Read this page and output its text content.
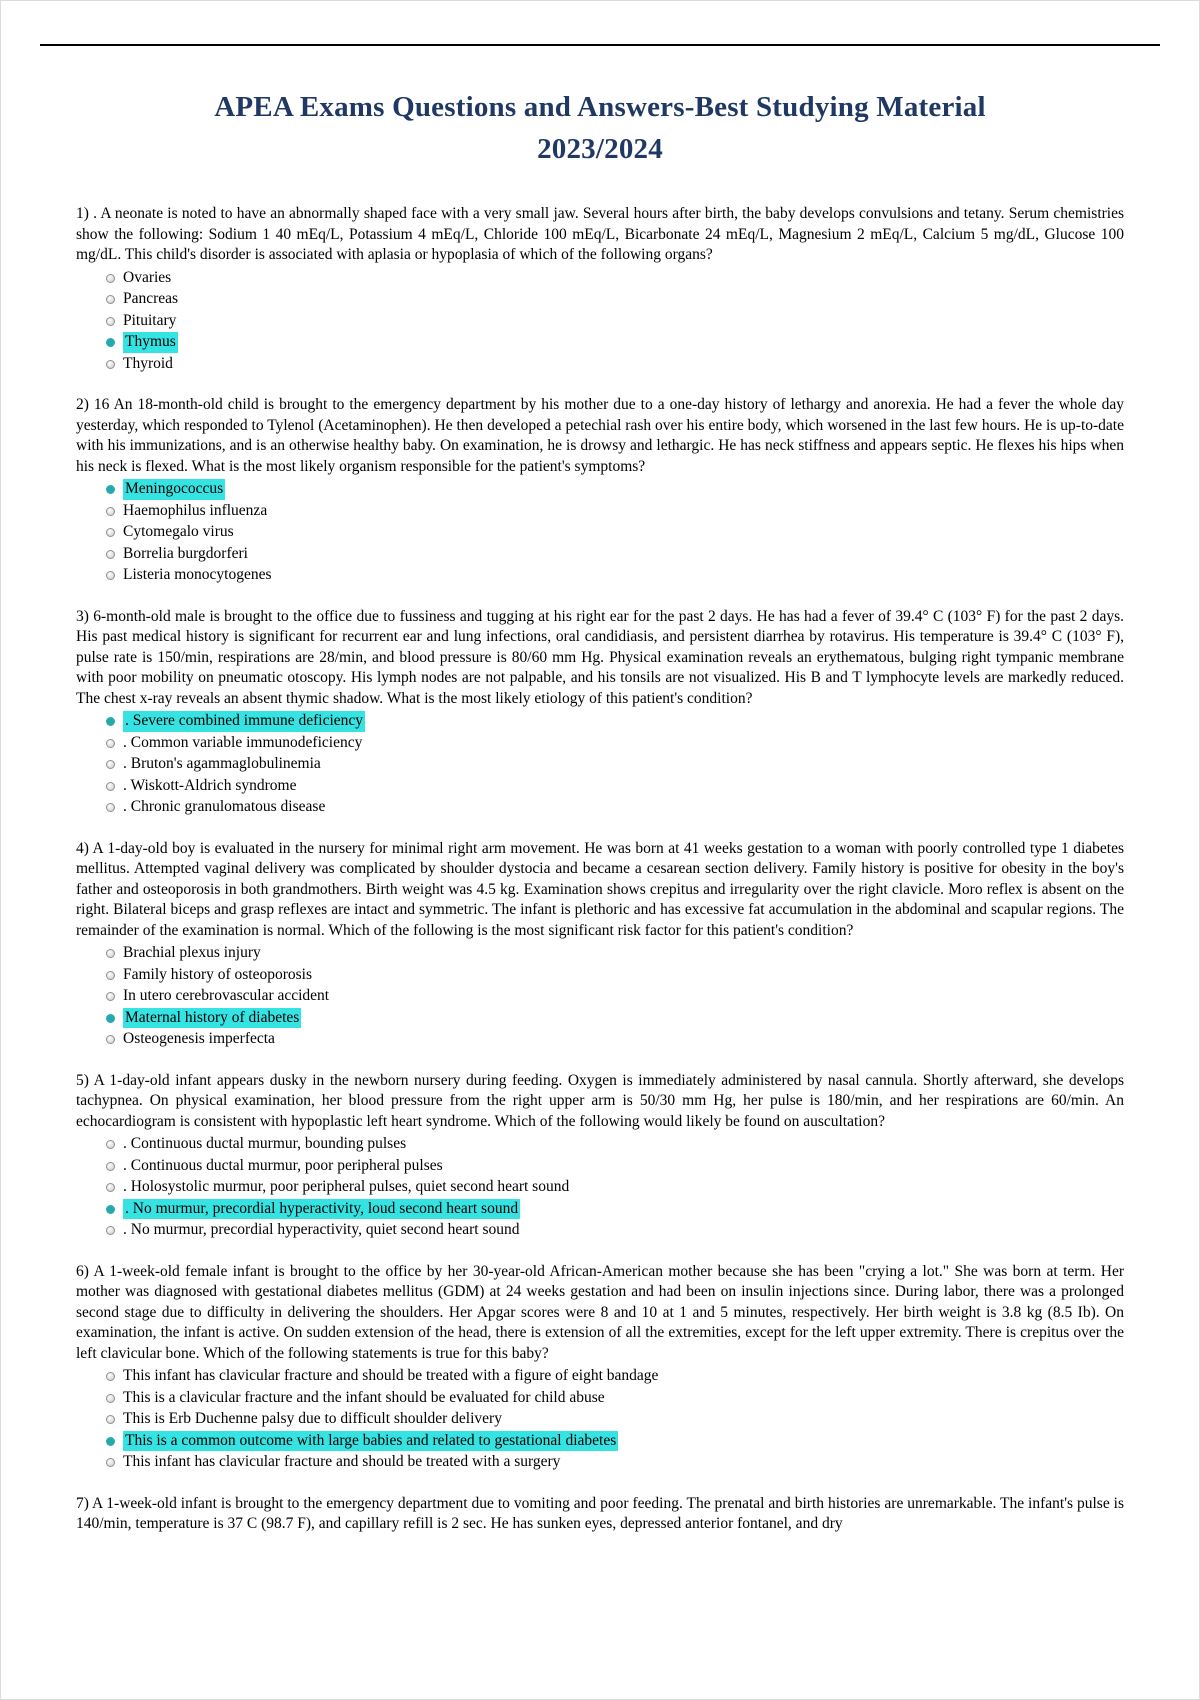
APEA Exams Questions and Answers-Best Studying Material
2023/2024

1) . A neonate is noted to have an abnormally shaped face with a very small jaw. Several hours after birth, the baby develops convulsions and tetany. Serum chemistries show the following: Sodium 1 40 mEq/L, Potassium 4 mEq/L, Chloride 100 mEq/L, Bicarbonate 24 mEq/L, Magnesium 2 mEq/L, Calcium 5 mg/dL, Glucose 100 mg/dL. This child's disorder is associated with aplasia or hypoplasia of which of the following organs?

Ovaries
Pancreas
Pituitary
Thymus
Thyroid

2) 16 An 18-month-old child is brought to the emergency department by his mother due to a one-day history of lethargy and anorexia. He had a fever the whole day yesterday, which responded to Tylenol (Acetaminophen). He then developed a petechial rash over his entire body, which worsened in the last few hours. He is up-to-date with his immunizations, and is an otherwise healthy baby. On examination, he is drowsy and lethargic. He has neck stiffness and appears septic. He flexes his hips when his neck is flexed. What is the most likely organism responsible for the patient's symptoms?

Meningococcus
Haemophilus influenza
Cytomegalo virus
Borrelia burgdorferi
Listeria monocytogenes

3) 6-month-old male is brought to the office due to fussiness and tugging at his right ear for the past 2 days. He has had a fever of 39.4° C (103° F) for the past 2 days. His past medical history is significant for recurrent ear and lung infections, oral candidiasis, and persistent diarrhea by rotavirus. His temperature is 39.4° C (103° F), pulse rate is 150/min, respirations are 28/min, and blood pressure is 80/60 mm Hg. Physical examination reveals an erythematous, bulging right tympanic membrane with poor mobility on pneumatic otoscopy. His lymph nodes are not palpable, and his tonsils are not visualized. His B and T lymphocyte levels are markedly reduced. The chest x-ray reveals an absent thymic shadow. What is the most likely etiology of this patient's condition?

. Severe combined immune deficiency
. Common variable immunodeficiency
. Bruton's agammaglobulinemia
. Wiskott-Aldrich syndrome
. Chronic granulomatous disease

4) A 1-day-old boy is evaluated in the nursery for minimal right arm movement. He was born at 41 weeks gestation to a woman with poorly controlled type 1 diabetes mellitus. Attempted vaginal delivery was complicated by shoulder dystocia and became a cesarean section delivery. Family history is positive for obesity in the boy's father and osteoporosis in both grandmothers. Birth weight was 4.5 kg. Examination shows crepitus and irregularity over the right clavicle. Moro reflex is absent on the right. Bilateral biceps and grasp reflexes are intact and symmetric. The infant is plethoric and has excessive fat accumulation in the abdominal and scapular regions. The remainder of the examination is normal. Which of the following is the most significant risk factor for this patient's condition?

Brachial plexus injury
Family history of osteoporosis
In utero cerebrovascular accident
Maternal history of diabetes
Osteogenesis imperfecta

5) A 1-day-old infant appears dusky in the newborn nursery during feeding. Oxygen is immediately administered by nasal cannula. Shortly afterward, she develops tachypnea. On physical examination, her blood pressure from the right upper arm is 50/30 mm Hg, her pulse is 180/min, and her respirations are 60/min. An echocardiogram is consistent with hypoplastic left heart syndrome. Which of the following would likely be found on auscultation?

. Continuous ductal murmur, bounding pulses
. Continuous ductal murmur, poor peripheral pulses
. Holosystolic murmur, poor peripheral pulses, quiet second heart sound
. No murmur, precordial hyperactivity, loud second heart sound
. No murmur, precordial hyperactivity, quiet second heart sound

6) A 1-week-old female infant is brought to the office by her 30-year-old African-American mother because she has been "crying a lot." She was born at term. Her mother was diagnosed with gestational diabetes mellitus (GDM) at 24 weeks gestation and had been on insulin injections since. During labor, there was a prolonged second stage due to difficulty in delivering the shoulders. Her Apgar scores were 8 and 10 at 1 and 5 minutes, respectively. Her birth weight is 3.8 kg (8.5 Ib). On examination, the infant is active. On sudden extension of the head, there is extension of all the extremities, except for the left upper extremity. There is crepitus over the left clavicular bone. Which of the following statements is true for this baby?

This infant has clavicular fracture and should be treated with a figure of eight bandage
This is a clavicular fracture and the infant should be evaluated for child abuse
This is Erb Duchenne palsy due to difficult shoulder delivery
This is a common outcome with large babies and related to gestational diabetes
This infant has clavicular fracture and should be treated with a surgery

7) A 1-week-old infant is brought to the emergency department due to vomiting and poor feeding. The prenatal and birth histories are unremarkable. The infant's pulse is 140/min, temperature is 37 C (98.7 F), and capillary refill is 2 sec. He has sunken eyes, depressed anterior fontanel, and dry
